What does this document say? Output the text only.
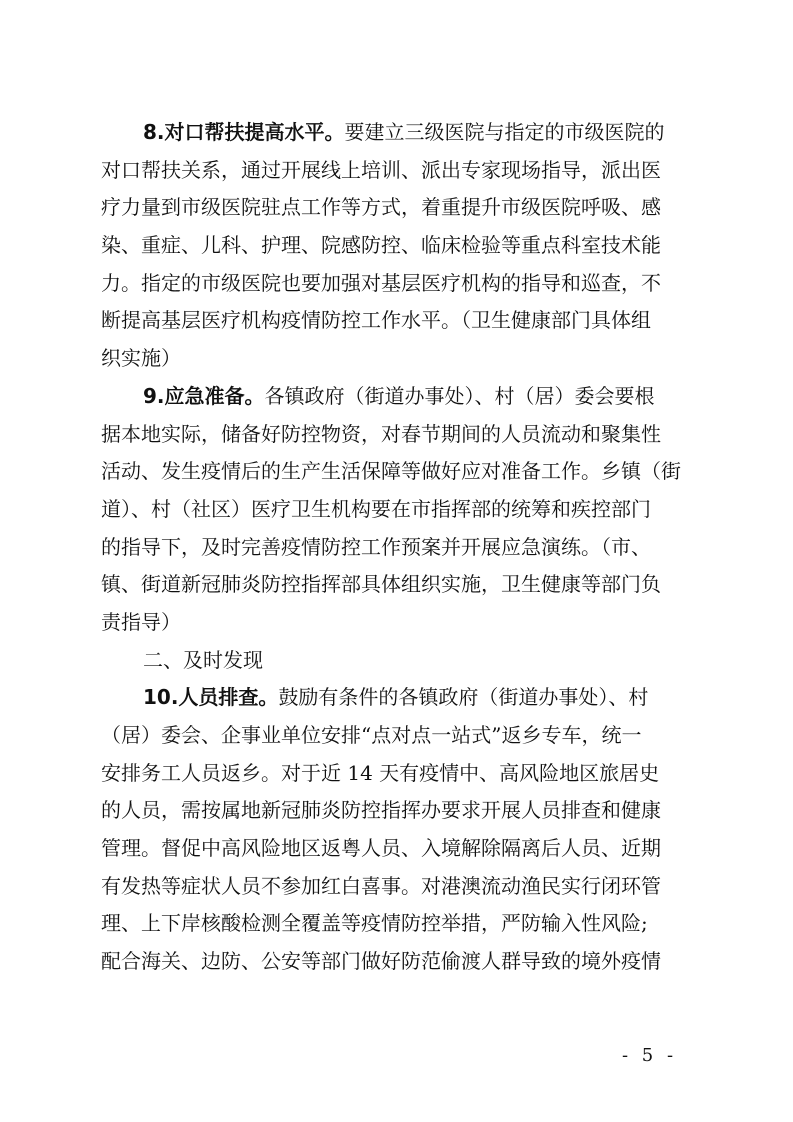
8.对口帮扶提高水平。要建立三级医院与指定的市级医院的
对口帮扶关系，通过开展线上培训、派出专家现场指导，派出医
疗力量到市级医院驻点工作等方式，着重提升市级医院呼吸、感
染、重症、儿科、护理、院感防控、临床检验等重点科室技术能
力。指定的市级医院也要加强对基层医疗机构的指导和巡查，不
断提高基层医疗机构疫情防控工作水平。（卫生健康部门具体组
织实施）
9.应急准备。各镇政府（街道办事处）、村（居）委会要根
据本地实际，储备好防控物资，对春节期间的人员流动和聚集性
活动、发生疫情后的生产生活保障等做好应对准备工作。乡镇（街
道）、村（社区）医疗卫生机构要在市指挥部的统筹和疾控部门
的指导下，及时完善疫情防控工作预案并开展应急演练。（市、
镇、街道新冠肺炎防控指挥部具体组织实施，卫生健康等部门负
责指导）
二、及时发现
10.人员排查。鼓励有条件的各镇政府（街道办事处）、村
（居）委会、企事业单位安排“点对点一站式”返乡专车，统一
安排务工人员返乡。对于近 14 天有疫情中、高风险地区旅居史
的人员，需按属地新冠肺炎防控指挥办要求开展人员排查和健康
管理。督促中高风险地区返粤人员、入境解除隔离后人员、近期
有发热等症状人员不参加红白喜事。对港澳流动渔民实行闭环管
理、上下岸核酸检测全覆盖等疫情防控举措，严防输入性风险;
配合海关、边防、公安等部门做好防范偷渡人群导致的境外疫情
- 5 -
